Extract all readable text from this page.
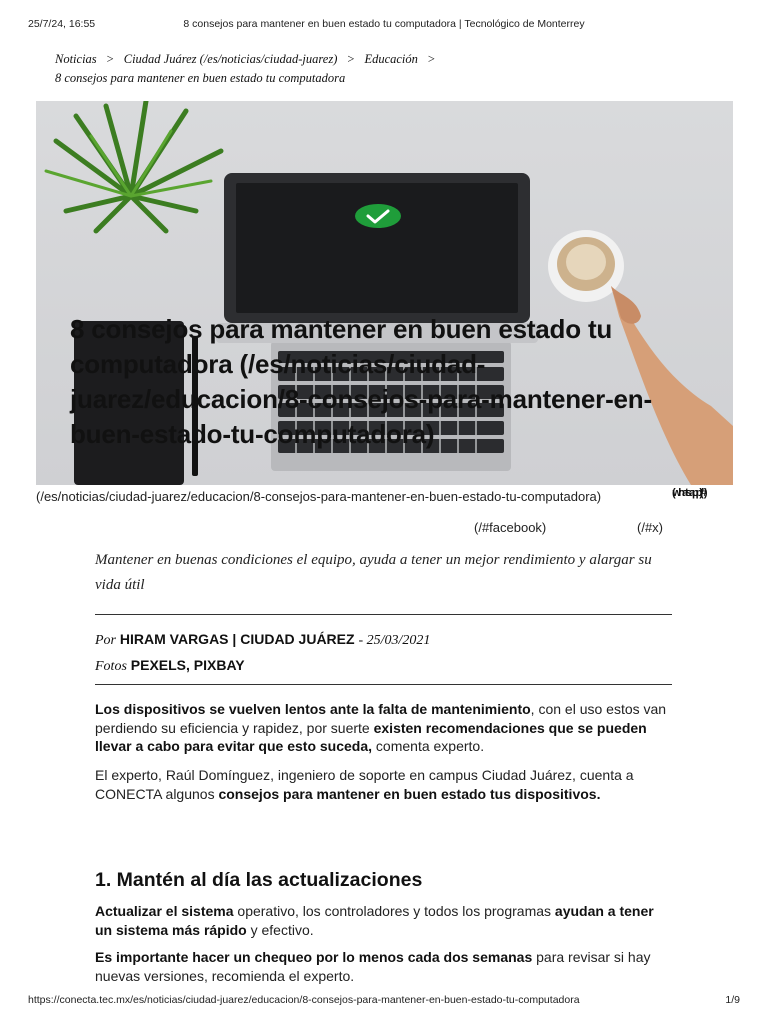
25/7/24, 16:55	8 consejos para mantener en buen estado tu computadora | Tecnológico de Monterrey
Noticias > Ciudad Juárez (/es/noticias/ciudad-juarez) > Educación >
8 consejos para mantener en buen estado tu computadora
8 consejos para mantener en buen estado tu computadora (/es/noticias/ciudad-juarez/educacion/8-consejos-para-mantener-en-buen-estado-tu-computadora)
(/es/noticias/ciudad-juarez/educacion/8-consejos-para-mantener-en-buen-estado-tu-computadora)
(/#facebook)	(/#x)
(whatsapp)(#)
Mantener en buenas condiciones el equipo, ayuda a tener un mejor rendimiento y alargar su vida útil
Por HIRAM VARGAS | CIUDAD JUÁREZ - 25/03/2021
Fotos PEXELS, PIXBAY
Los dispositivos se vuelven lentos ante la falta de mantenimiento, con el uso estos van perdiendo su eficiencia y rapidez, por suerte existen recomendaciones que se pueden llevar a cabo para evitar que esto suceda, comenta experto.
El experto, Raúl Domínguez, ingeniero de soporte en campus Ciudad Juárez, cuenta a CONECTA algunos consejos para mantener en buen estado tus dispositivos.
1. Mantén al día las actualizaciones
Actualizar el sistema operativo, los controladores y todos los programas ayudan a tener un sistema más rápido y efectivo.
Es importante hacer un chequeo por lo menos cada dos semanas para revisar si hay nuevas versiones, recomienda el experto.
https://conecta.tec.mx/es/noticias/ciudad-juarez/educacion/8-consejos-para-mantener-en-buen-estado-tu-computadora	1/9
